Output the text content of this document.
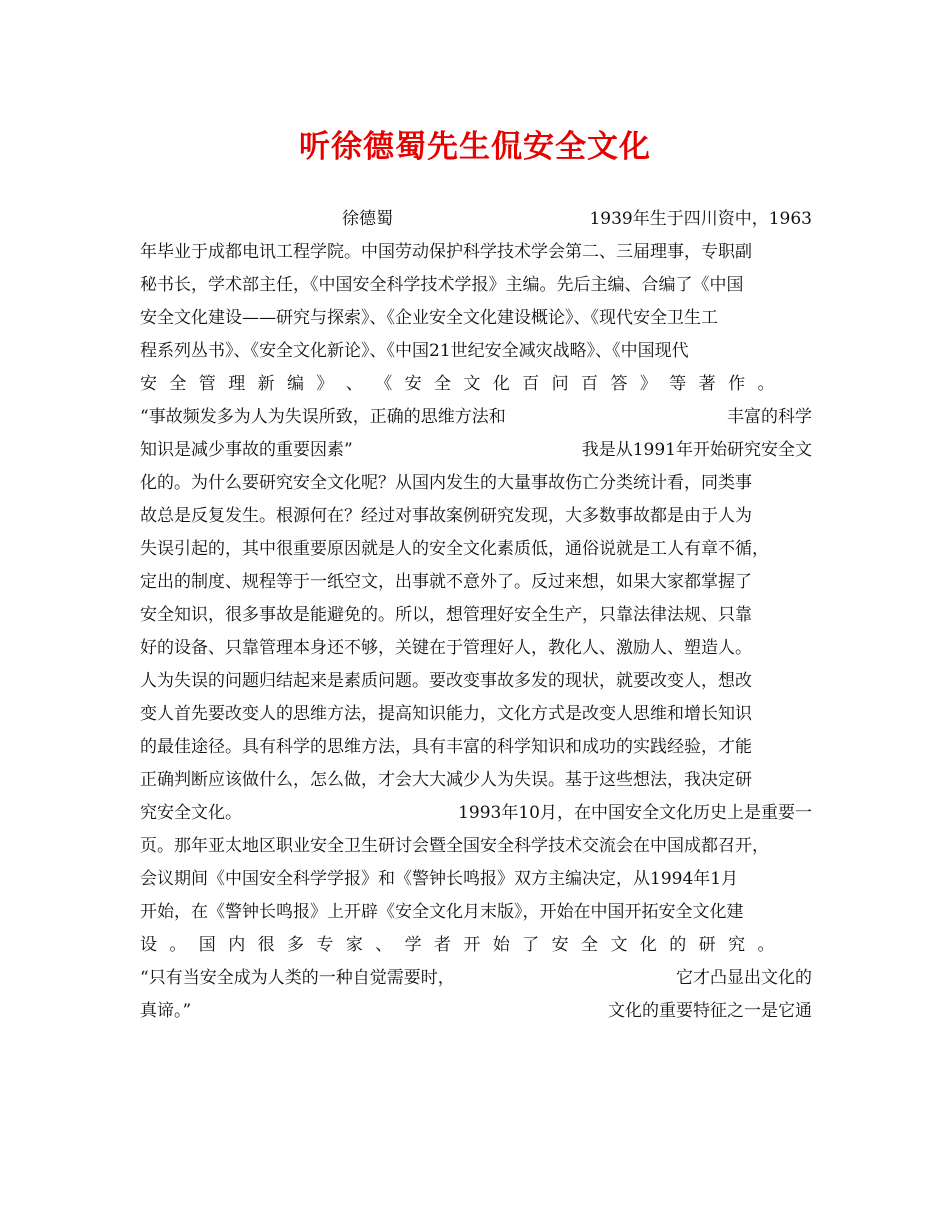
听徐德蜀先生侃安全文化
徐德蜀	1939年生于四川资中，1963
年毕业于成都电讯工程学院。中国劳动保护科学技术学会第二、三届理事，专职副
秘书长，学术部主任，《中国安全科学技术学报》主编。先后主编、合编了《中国
安全文化建设——研究与探索》、《企业安全文化建设概论》、《现代安全卫生工
程系列丛书》、《安全文化新论》、《中国21世纪安全减灾战略》、《中国现代
安 全 管 理 新 编 》 、 《 安 全 文 化 百 问 百 答 》 等 著 作 。
“事故频发多为人为失误所致，正确的思维方法和	丰富的科学
知识是减少事故的重要因素”	我是从1991年开始研究安全文
化的。为什么要研究安全文化呢？从国内发生的大量事故伤亡分类统计看，同类事
故总是反复发生。根源何在？经过对事故案例研究发现，大多数事故都是由于人为
失误引起的，其中很重要原因就是人的安全文化素质低，通俗说就是工人有章不循，
定出的制度、规程等于一纸空文，出事就不意外了。反过来想，如果大家都掌握了
安全知识，很多事故是能避免的。所以，想管理好安全生产，只靠法律法规、只靠
好的设备、只靠管理本身还不够，关键在于管理好人，教化人、激励人、塑造人。
人为失误的问题归结起来是素质问题。要改变事故多发的现状，就要改变人，想改
变人首先要改变人的思维方法，提高知识能力，文化方式是改变人思维和增长知识
的最佳途径。具有科学的思维方法，具有丰富的科学知识和成功的实践经验，才能
正确判断应该做什么，怎么做，才会大大减少人为失误。基于这些想法，我决定研
究安全文化。	1993年10月，在中国安全文化历史上是重要一
页。那年亚太地区职业安全卫生研讨会暨全国安全科学技术交流会在中国成都召开，
会议期间《中国安全科学学报》和《警钟长鸣报》双方主编决定，从1994年1月
开始，在《警钟长鸣报》上开辟《安全文化月末版》，开始在中国开拓安全文化建
设 。 国 内 很 多 专 家 、 学 者 开 始 了 安 全 文 化 的 研 究 。
“只有当安全成为人类的一种自觉需要时，	它才凸显出文化的
真谛。”	文化的重要特征之一是它通
